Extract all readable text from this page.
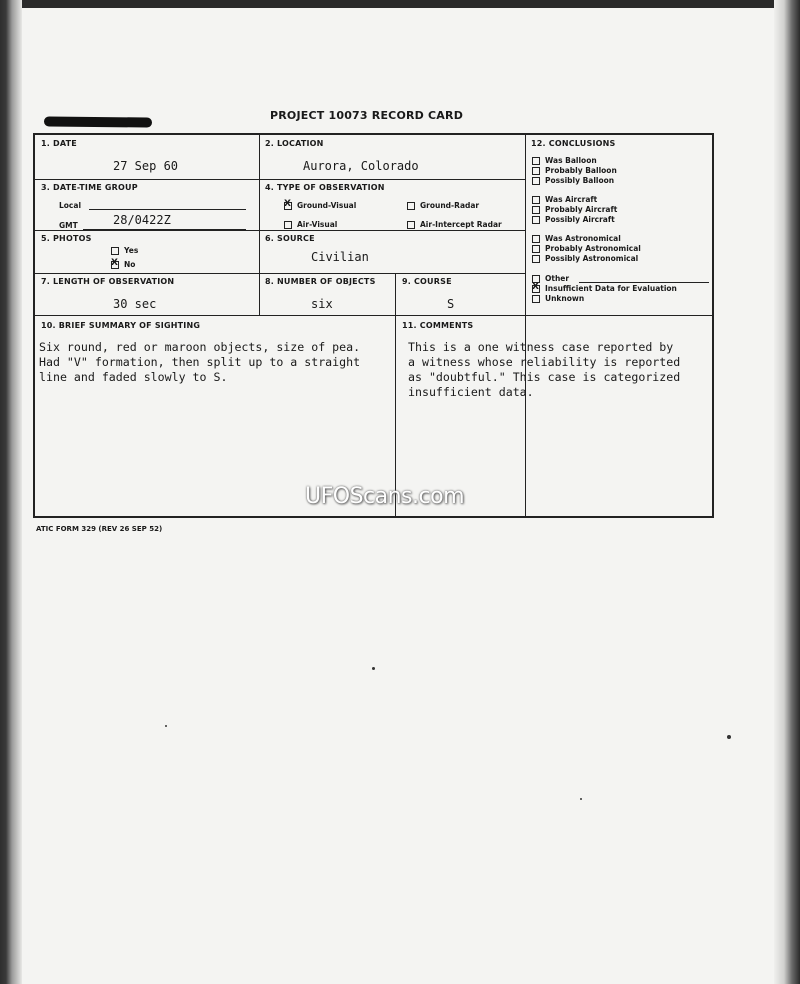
PROJECT 10073 RECORD CARD
1. DATE
27 Sep 60
2. LOCATION
Aurora, Colorado
3. DATE-TIME GROUP
Local
GMT	28/0422Z
4. TYPE OF OBSERVATION
XGround-Visual	Ground-Radar
Air-Visual	Air-Intercept Radar
5. PHOTOS
Yes
XNo
6. SOURCE
Civilian
7. LENGTH OF OBSERVATION
30 sec
8. NUMBER OF OBJECTS
six
9. COURSE
S
10. BRIEF SUMMARY OF SIGHTING
Six round, red or maroon objects, size of pea.
Had "V" formation, then split up to a straight
line and faded slowly to S.
11. COMMENTS
This is a one witness case reported by
a witness whose reliability is reported
as "doubtful." This case is categorized
insufficient data.
12. CONCLUSIONS
Was Balloon
Probably Balloon
Possibly Balloon
Was Aircraft
Probably Aircraft
Possibly Aircraft
Was Astronomical
Probably Astronomical
Possibly Astronomical
Other
XInsufficient Data for Evaluation
Unknown
ATIC FORM 329 (REV 26 SEP 52)
UFOScans.com
